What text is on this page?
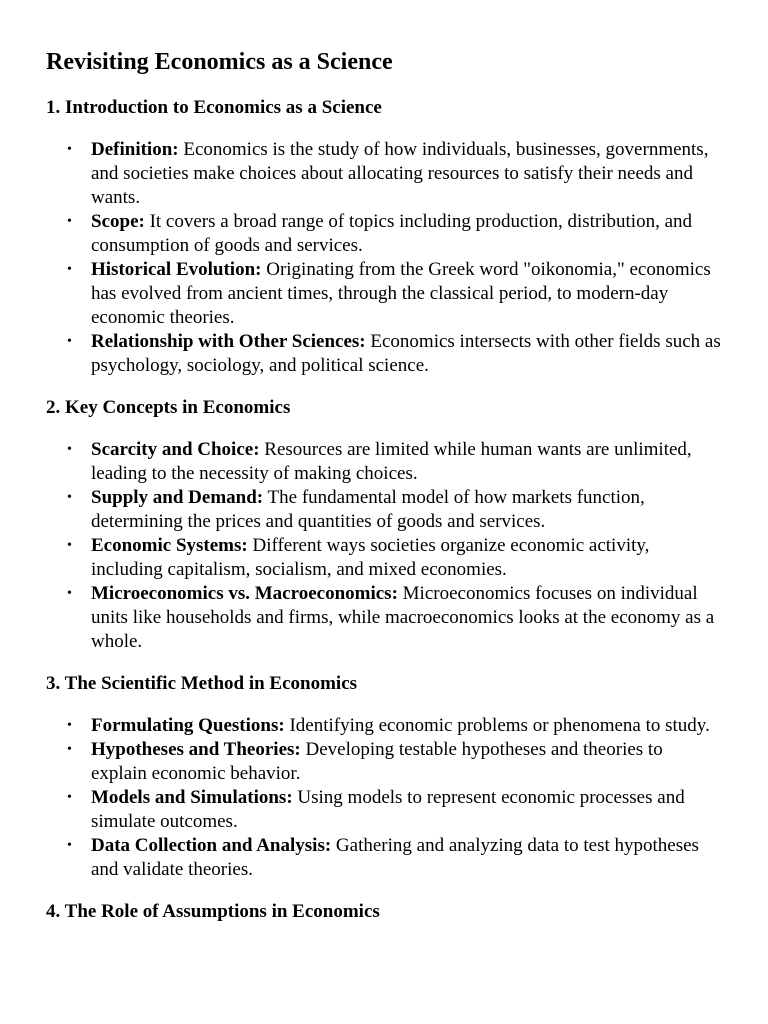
Revisiting Economics as a Science
1. Introduction to Economics as a Science
• Definition: Economics is the study of how individuals, businesses, governments, and societies make choices about allocating resources to satisfy their needs and wants.
• Scope: It covers a broad range of topics including production, distribution, and consumption of goods and services.
• Historical Evolution: Originating from the Greek word "oikonomia," economics has evolved from ancient times, through the classical period, to modern-day economic theories.
• Relationship with Other Sciences: Economics intersects with other fields such as psychology, sociology, and political science.
2. Key Concepts in Economics
• Scarcity and Choice: Resources are limited while human wants are unlimited, leading to the necessity of making choices.
• Supply and Demand: The fundamental model of how markets function, determining the prices and quantities of goods and services.
• Economic Systems: Different ways societies organize economic activity, including capitalism, socialism, and mixed economies.
• Microeconomics vs. Macroeconomics: Microeconomics focuses on individual units like households and firms, while macroeconomics looks at the economy as a whole.
3. The Scientific Method in Economics
• Formulating Questions: Identifying economic problems or phenomena to study.
• Hypotheses and Theories: Developing testable hypotheses and theories to explain economic behavior.
• Models and Simulations: Using models to represent economic processes and simulate outcomes.
• Data Collection and Analysis: Gathering and analyzing data to test hypotheses and validate theories.
4. The Role of Assumptions in Economics
